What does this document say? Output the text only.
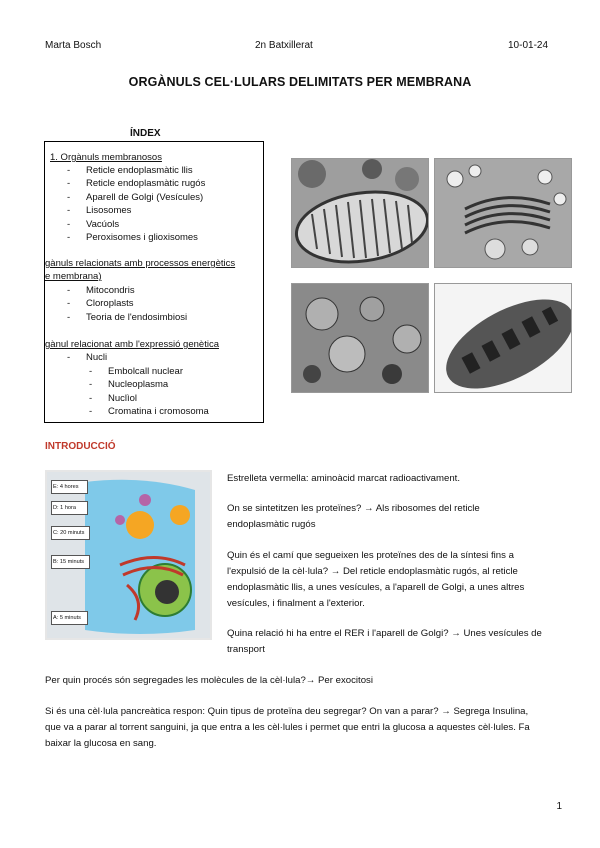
Marta Bosch	2n Batxillerat	10-01-24
ORGÀNULS CEL·LULARS DELIMITATS PER MEMBRANA
ÍNDEX
1. Orgànuls membranosos
- Reticle endoplasmàtic llis
- Reticle endoplasmàtic rugós
- Aparell de Golgi (Vesícules)
- Lisosomes
- Vacúols
- Peroxisomes i glioxisomes
gànuls relacionats amb processos energètics
e membrana)
- Mitocondris
- Cloroplasts
- Teoria de l'endosimbiosi
gànul relacionat amb l'expressió genètica
- Nucli
- Embolcall nuclear
- Nucleoplasma
- Nuclìol
- Cromatina i cromosoma
INTRODUCCIÓ
E: 4 hores
D: 1 hora
C: 20 minuts
B: 15 minuts
A: 5 minuts
Estrelleta vermella: aminoàcid marcat radioactivament.
On se sintetitzen les proteïnes? → Als ribosomes del reticle
endoplasmàtic rugós
Quin és el camí que segueixen les proteïnes des de la síntesi fins a
l'expulsió de la cèl·lula? → Del reticle endoplasmàtic rugós, al reticle
endoplasmàtic llis, a unes vesícules, a l'aparell de Golgi, a unes altres
vesícules, i finalment a l'exterior.
Quina relació hi ha entre el RER i l'aparell de Golgi? → Unes vesícules de
transport
Per quin procés són segregades les molècules de la cèl·lula?→ Per exocitosi
Si és una cèl·lula pancreàtica respon: Quin tipus de proteïna deu segregar? On van a parar? → Segrega Insulina,
que va a parar al torrent sanguini, ja que entra a les cèl·lules i permet que entri la glucosa a aquestes cèl·lules. Fa
baixar la glucosa en sang.
1
